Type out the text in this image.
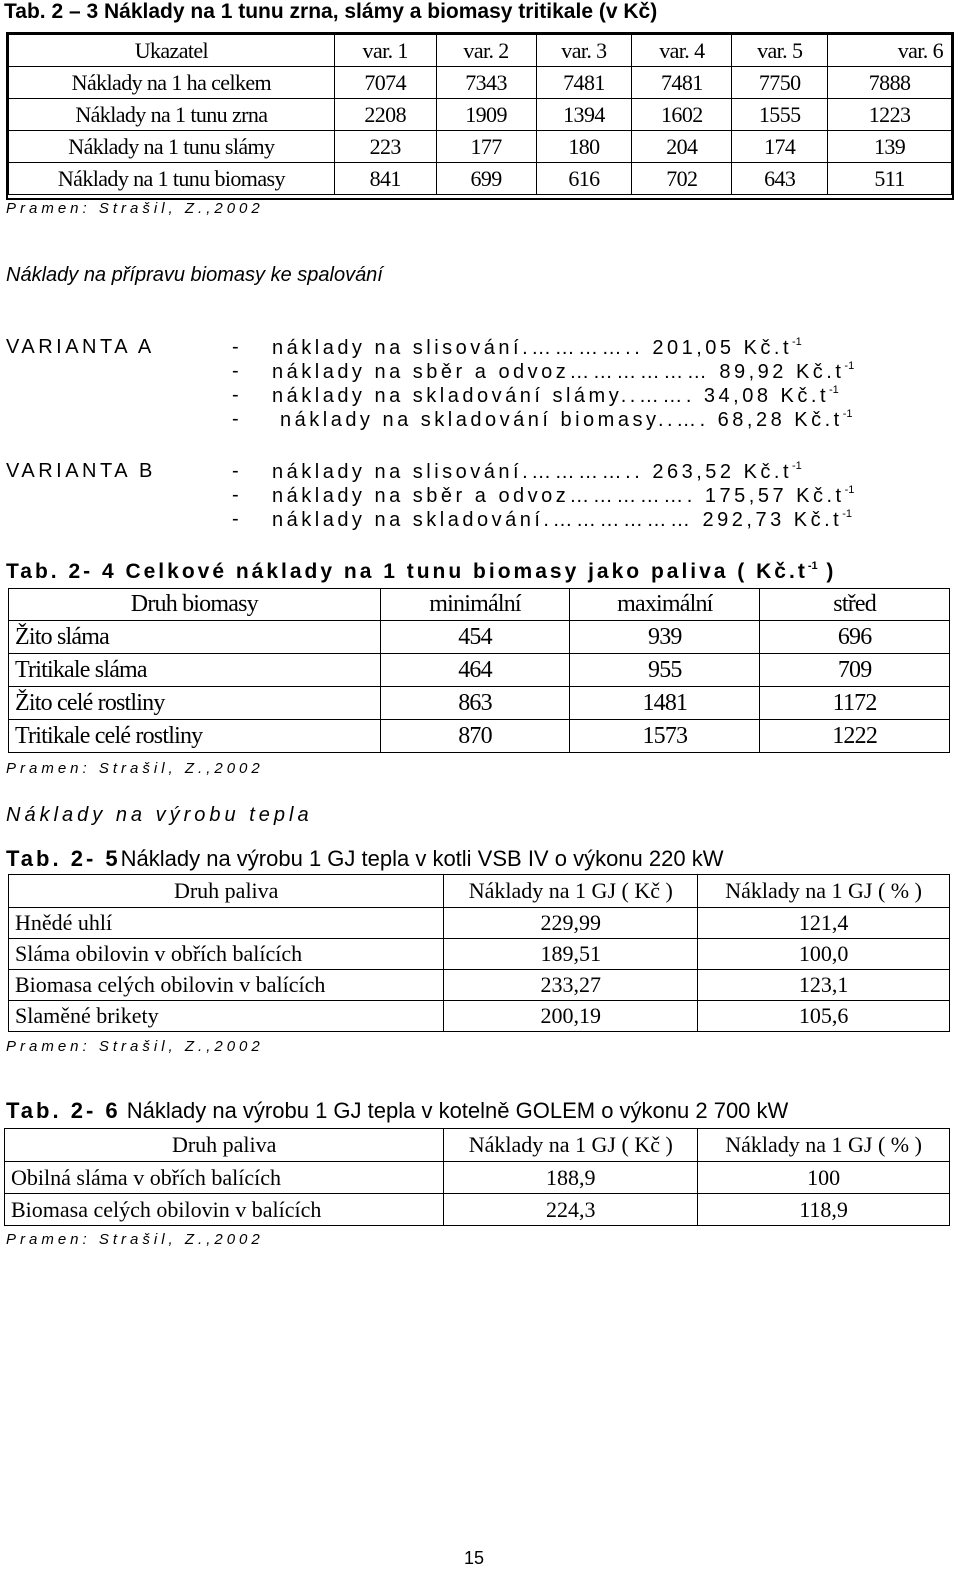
Tab. 2 – 3 Náklady na 1 tunu zrna, slámy a biomasy tritikale (v Kč)
Ukazatel	var. 1	var. 2	var. 3	var. 4	var. 5	var. 6
Náklady na 1 ha celkem	7074	7343	7481	7481	7750	7888
Náklady na 1 tunu zrna	2208	1909	1394	1602	1555	1223
Náklady na 1 tunu slámy	223	177	180	204	174	139
Náklady na 1 tunu biomasy	841	699	616	702	643	511
Pramen: Strašil, Z.,2002
Náklady na přípravu biomasy ke spalování
VARIANTA A	- náklady na slisování.………….. 201,05 $Kč.t^{-1}$
- náklady na sběr a odvoz……………… 89,92 $Kč.t^{-1}$
- náklady na skladování slámy..……. 34,08 $Kč.t^{-1}$
- náklady na skladování biomasy..…. 68,28 $Kč.t^{-1}$
VARIANTA B	- náklady na slisování.………….. 263,52 $Kč.t^{-1}$
- náklady na sběr a odvoz……………. 175,57 $Kč.t^{-1}$
- náklady na skladování.……………… 292,73 $Kč.t^{-1}$
Tab. 2- 4 Celkové náklady na 1 tunu biomasy jako paliva ( $Kč.t^{-1}$ )
Druh biomasy	minimální	maximální	střed
Žito sláma	454	939	696
Tritikale sláma	464	955	709
Žito celé rostliny	863	1481	1172
Tritikale celé rostliny	870	1573	1222
Pramen: Strašil, Z.,2002
Náklady na výrobu tepla
Tab. 2- 5Náklady na výrobu 1 GJ tepla v kotli VSB IV o výkonu 220 kW
Druh paliva	Náklady na 1 GJ ( Kč )	Náklady na 1 GJ ( % )
Hnědé uhlí	229,99	121,4
Sláma obilovin v obřích balících	189,51	100,0
Biomasa celých obilovin v balících	233,27	123,1
Slaměné brikety	200,19	105,6
Pramen: Strašil, Z.,2002
Tab. 2- 6 Náklady na výrobu 1 GJ tepla v kotelně GOLEM o výkonu 2 700 kW
Druh paliva	Náklady na 1 GJ ( Kč )	Náklady na 1 GJ ( % )
Obilná sláma v obřích balících	188,9	100
Biomasa celých obilovin v balících	224,3	118,9
Pramen: Strašil, Z.,2002
15
